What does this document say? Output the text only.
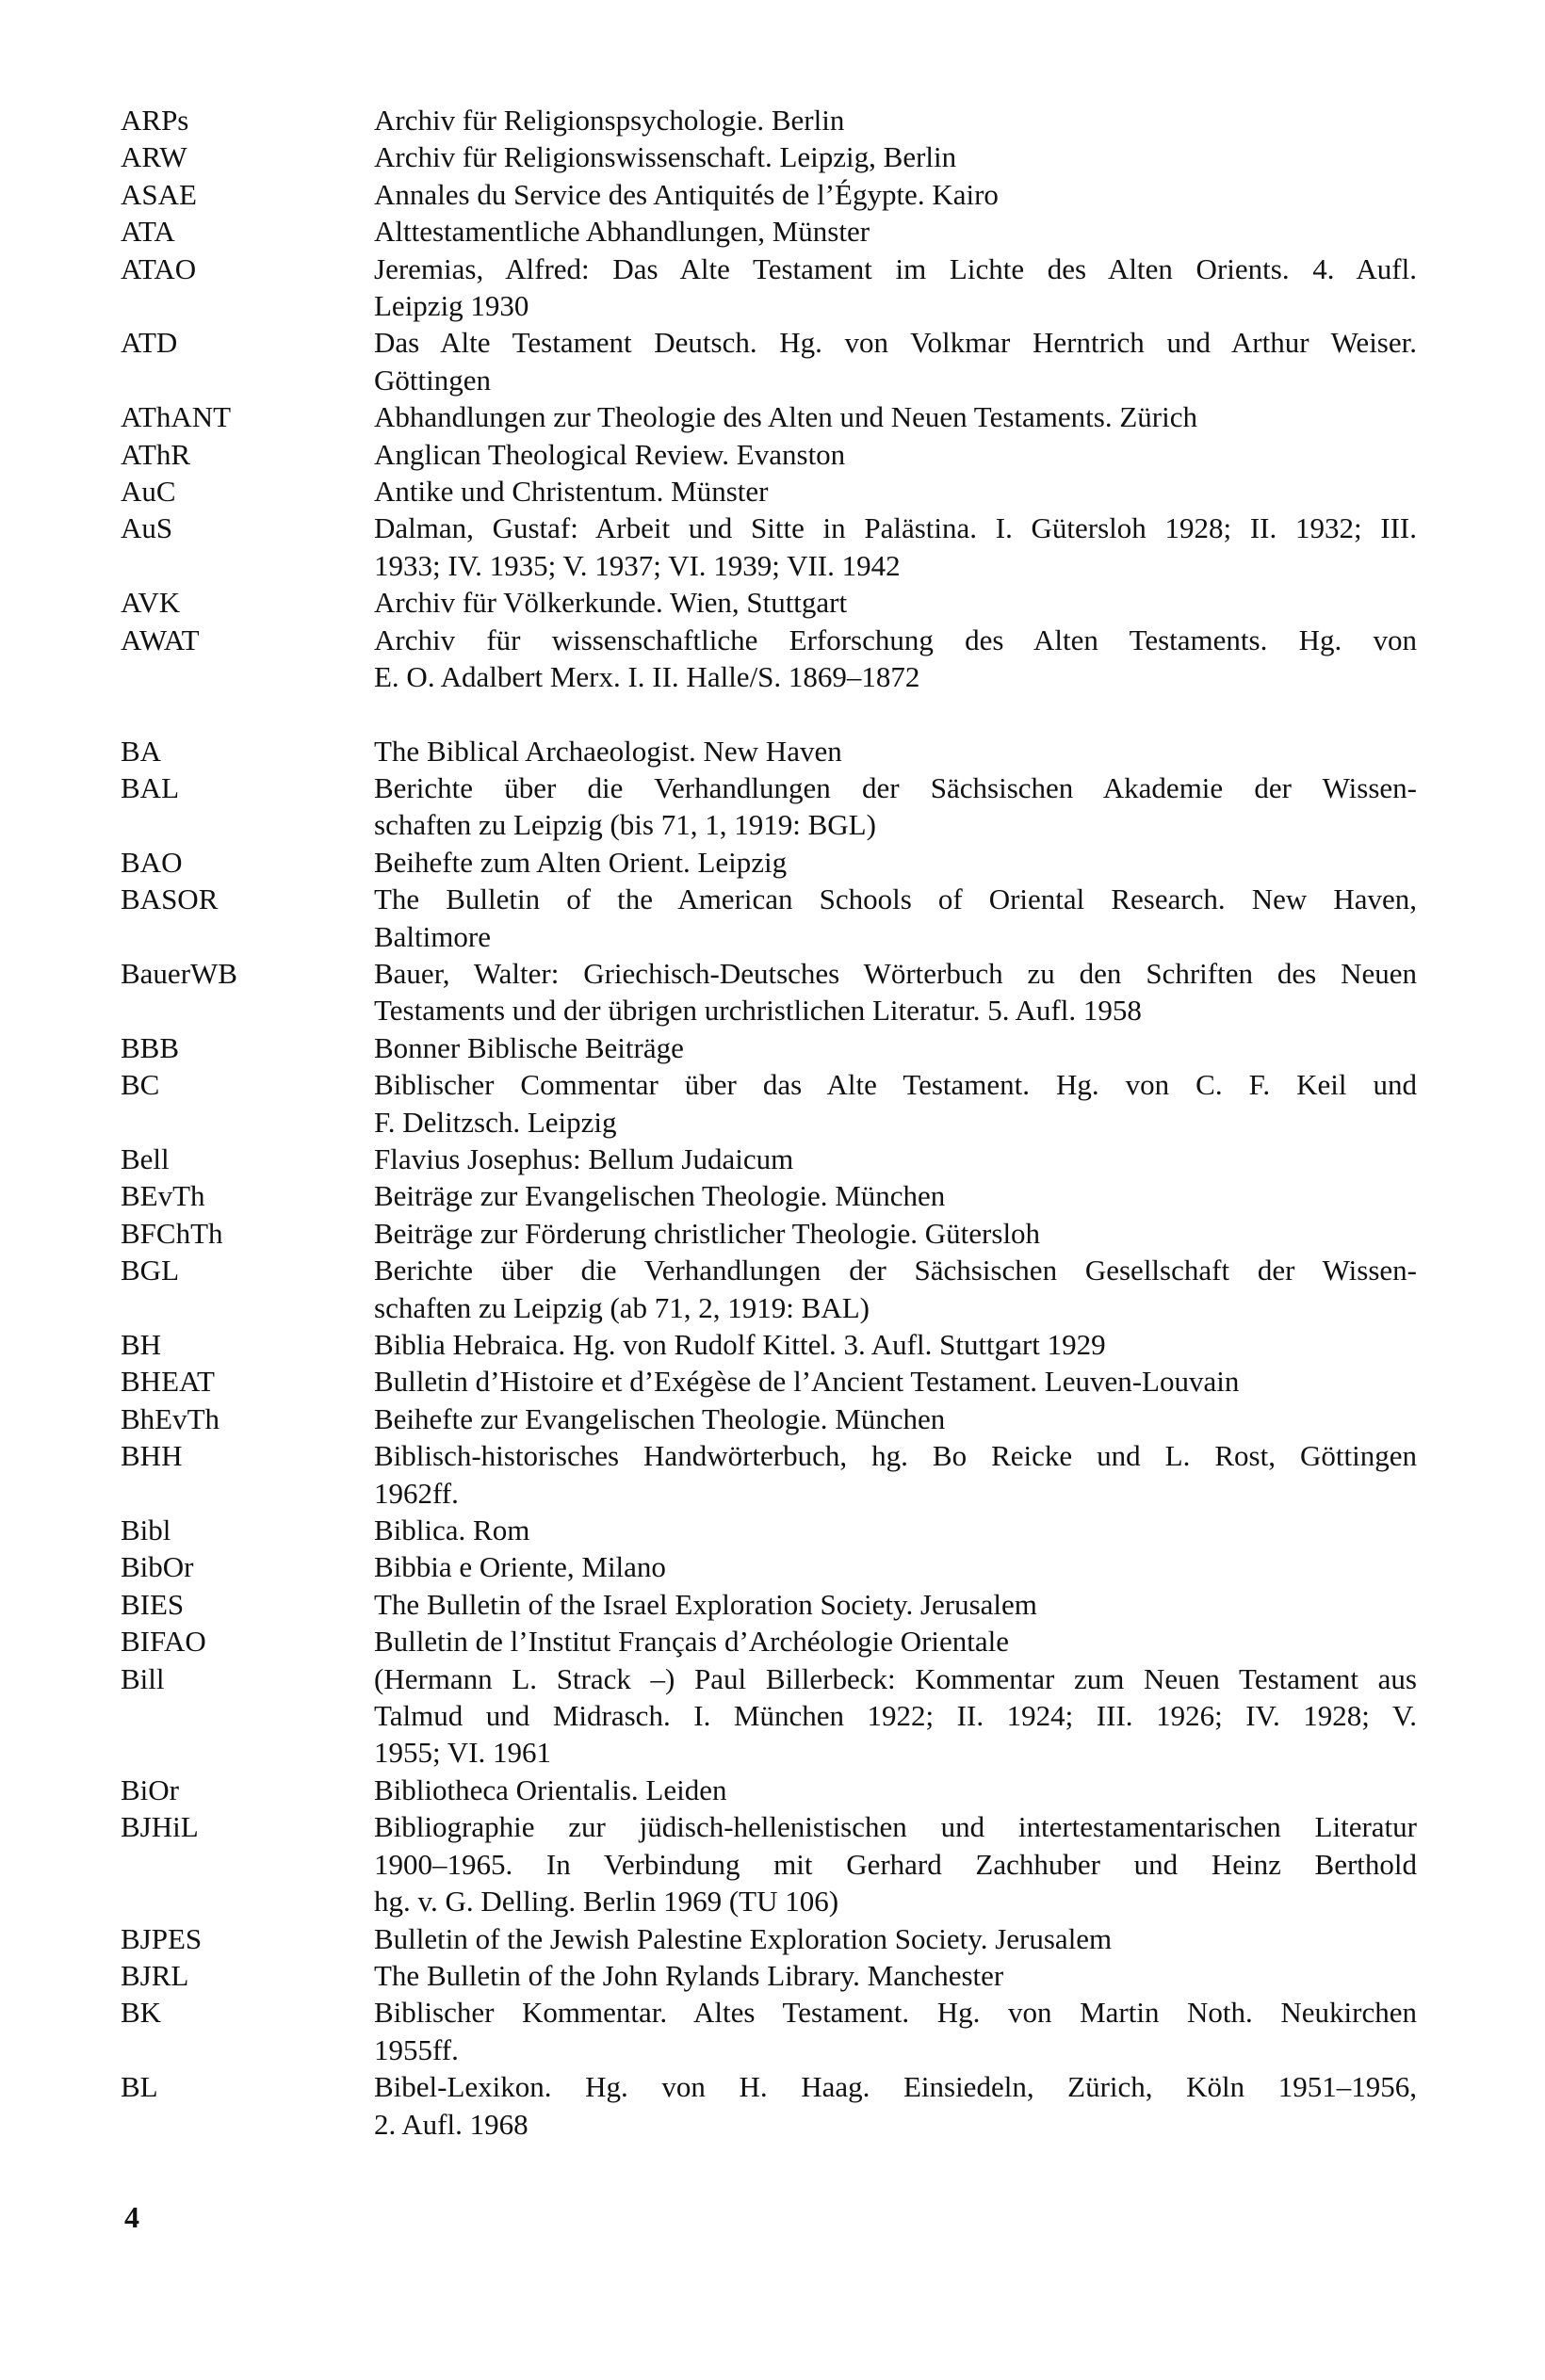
ARPs	Archiv für Religionspsychologie. Berlin
ARW	Archiv für Religionswissenschaft. Leipzig, Berlin
ASAE	Annales du Service des Antiquités de l’Égypte. Kairo
ATA	Alttestamentliche Abhandlungen, Münster
ATAO	Jeremias, Alfred: Das Alte Testament im Lichte des Alten Orients. 4. Aufl.
Leipzig 1930
ATD	Das Alte Testament Deutsch. Hg. von Volkmar Herntrich und Arthur Weiser.
Göttingen
AThANT	Abhandlungen zur Theologie des Alten und Neuen Testaments. Zürich
AThR	Anglican Theological Review. Evanston
AuC	Antike und Christentum. Münster
AuS	Dalman, Gustaf: Arbeit und Sitte in Palästina. I. Gütersloh 1928; II. 1932; III.
1933; IV. 1935; V. 1937; VI. 1939; VII. 1942
AVK	Archiv für Völkerkunde. Wien, Stuttgart
AWAT	Archiv für wissenschaftliche Erforschung des Alten Testaments. Hg. von
E. O. Adalbert Merx. I. II. Halle/S. 1869–1872
BA	The Biblical Archaeologist. New Haven
BAL	Berichte über die Verhandlungen der Sächsischen Akademie der Wissen-
schaften zu Leipzig (bis 71, 1, 1919: BGL)
BAO	Beihefte zum Alten Orient. Leipzig
BASOR	The Bulletin of the American Schools of Oriental Research. New Haven,
Baltimore
BauerWB	Bauer, Walter: Griechisch-Deutsches Wörterbuch zu den Schriften des Neuen
Testaments und der übrigen urchristlichen Literatur. 5. Aufl. 1958
BBB	Bonner Biblische Beiträge
BC	Biblischer Commentar über das Alte Testament. Hg. von C. F. Keil und
F. Delitzsch. Leipzig
Bell	Flavius Josephus: Bellum Judaicum
BEvTh	Beiträge zur Evangelischen Theologie. München
BFChTh	Beiträge zur Förderung christlicher Theologie. Gütersloh
BGL	Berichte über die Verhandlungen der Sächsischen Gesellschaft der Wissen-
schaften zu Leipzig (ab 71, 2, 1919: BAL)
BH	Biblia Hebraica. Hg. von Rudolf Kittel. 3. Aufl. Stuttgart 1929
BHEAT	Bulletin d’Histoire et d’Exégèse de l’Ancient Testament. Leuven-Louvain
BhEvTh	Beihefte zur Evangelischen Theologie. München
BHH	Biblisch-historisches Handwörterbuch, hg. Bo Reicke und L. Rost, Göttingen
1962ff.
Bibl	Biblica. Rom
BibOr	Bibbia e Oriente, Milano
BIES	The Bulletin of the Israel Exploration Society. Jerusalem
BIFAO	Bulletin de l’Institut Français d’Archéologie Orientale
Bill	(Hermann L. Strack –) Paul Billerbeck: Kommentar zum Neuen Testament aus
Talmud und Midrasch. I. München 1922; II. 1924; III. 1926; IV. 1928; V.
1955; VI. 1961
BiOr	Bibliotheca Orientalis. Leiden
BJHiL	Bibliographie zur jüdisch-hellenistischen und intertestamentarischen Literatur
1900–1965. In Verbindung mit Gerhard Zachhuber und Heinz Berthold
hg. v. G. Delling. Berlin 1969 (TU 106)
BJPES	Bulletin of the Jewish Palestine Exploration Society. Jerusalem
BJRL	The Bulletin of the John Rylands Library. Manchester
BK	Biblischer Kommentar. Altes Testament. Hg. von Martin Noth. Neukirchen
1955ff.
BL	Bibel-Lexikon. Hg. von H. Haag. Einsiedeln, Zürich, Köln 1951–1956,
2. Aufl. 1968
4
